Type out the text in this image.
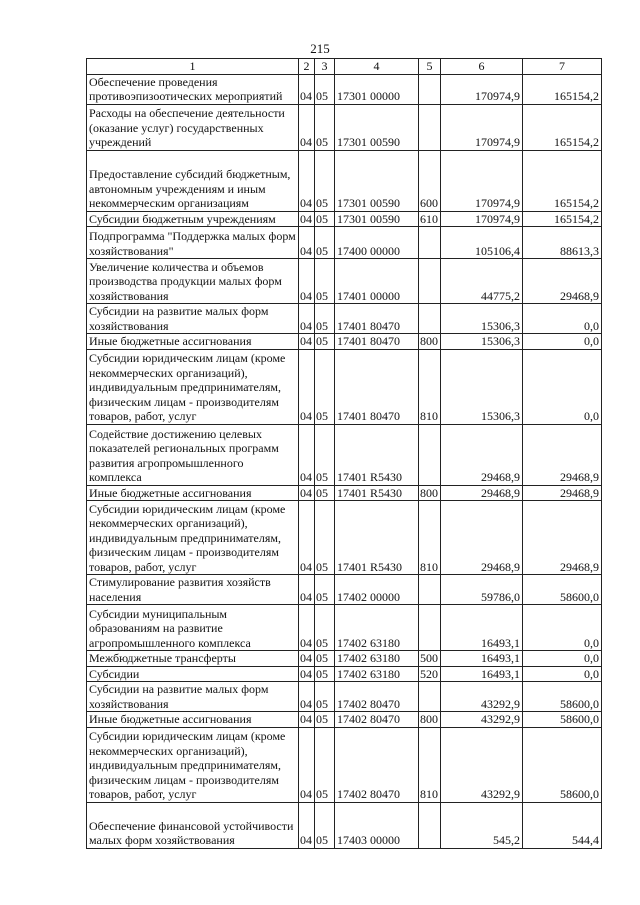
215
1	2	3	4	5	6	7
Обеспечение проведения противоэпизоотических мероприятий	04	05	17301 00000		170974,9	165154,2
Расходы на обеспечение деятельности (оказание услуг) государственных учреждений	04	05	17301 00590		170974,9	165154,2
Предоставление субсидий бюджетным, автономным учреждениям и иным некоммерческим организациям	04	05	17301 00590	600	170974,9	165154,2
Субсидии бюджетным учреждениям	04	05	17301 00590	610	170974,9	165154,2
Подпрограмма "Поддержка малых форм хозяйствования"	04	05	17400 00000		105106,4	88613,3
Увеличение количества и объемов производства продукции малых форм хозяйствования	04	05	17401 00000		44775,2	29468,9
Субсидии на развитие малых форм хозяйствования	04	05	17401 80470		15306,3	0,0
Иные бюджетные ассигнования	04	05	17401 80470	800	15306,3	0,0
Субсидии юридическим лицам (кроме некоммерческих организаций), индивидуальным предпринимателям, физическим лицам - производителям товаров, работ, услуг	04	05	17401 80470	810	15306,3	0,0
Содействие достижению целевых показателей региональных программ развития агропромышленного комплекса	04	05	17401 R5430		29468,9	29468,9
Иные бюджетные ассигнования	04	05	17401 R5430	800	29468,9	29468,9
Субсидии юридическим лицам (кроме некоммерческих организаций), индивидуальным предпринимателям, физическим лицам - производителям товаров, работ, услуг	04	05	17401 R5430	810	29468,9	29468,9
Стимулирование развития хозяйств населения	04	05	17402 00000		59786,0	58600,0
Субсидии муниципальным образованиям на развитие агропромышленного комплекса	04	05	17402 63180		16493,1	0,0
Межбюджетные трансферты	04	05	17402 63180	500	16493,1	0,0
Субсидии	04	05	17402 63180	520	16493,1	0,0
Субсидии на развитие малых форм хозяйствования	04	05	17402 80470		43292,9	58600,0
Иные бюджетные ассигнования	04	05	17402 80470	800	43292,9	58600,0
Субсидии юридическим лицам (кроме некоммерческих организаций), индивидуальным предпринимателям, физическим лицам - производителям товаров, работ, услуг	04	05	17402 80470	810	43292,9	58600,0
Обеспечение финансовой устойчивости малых форм хозяйствования	04	05	17403 00000		545,2	544,4
